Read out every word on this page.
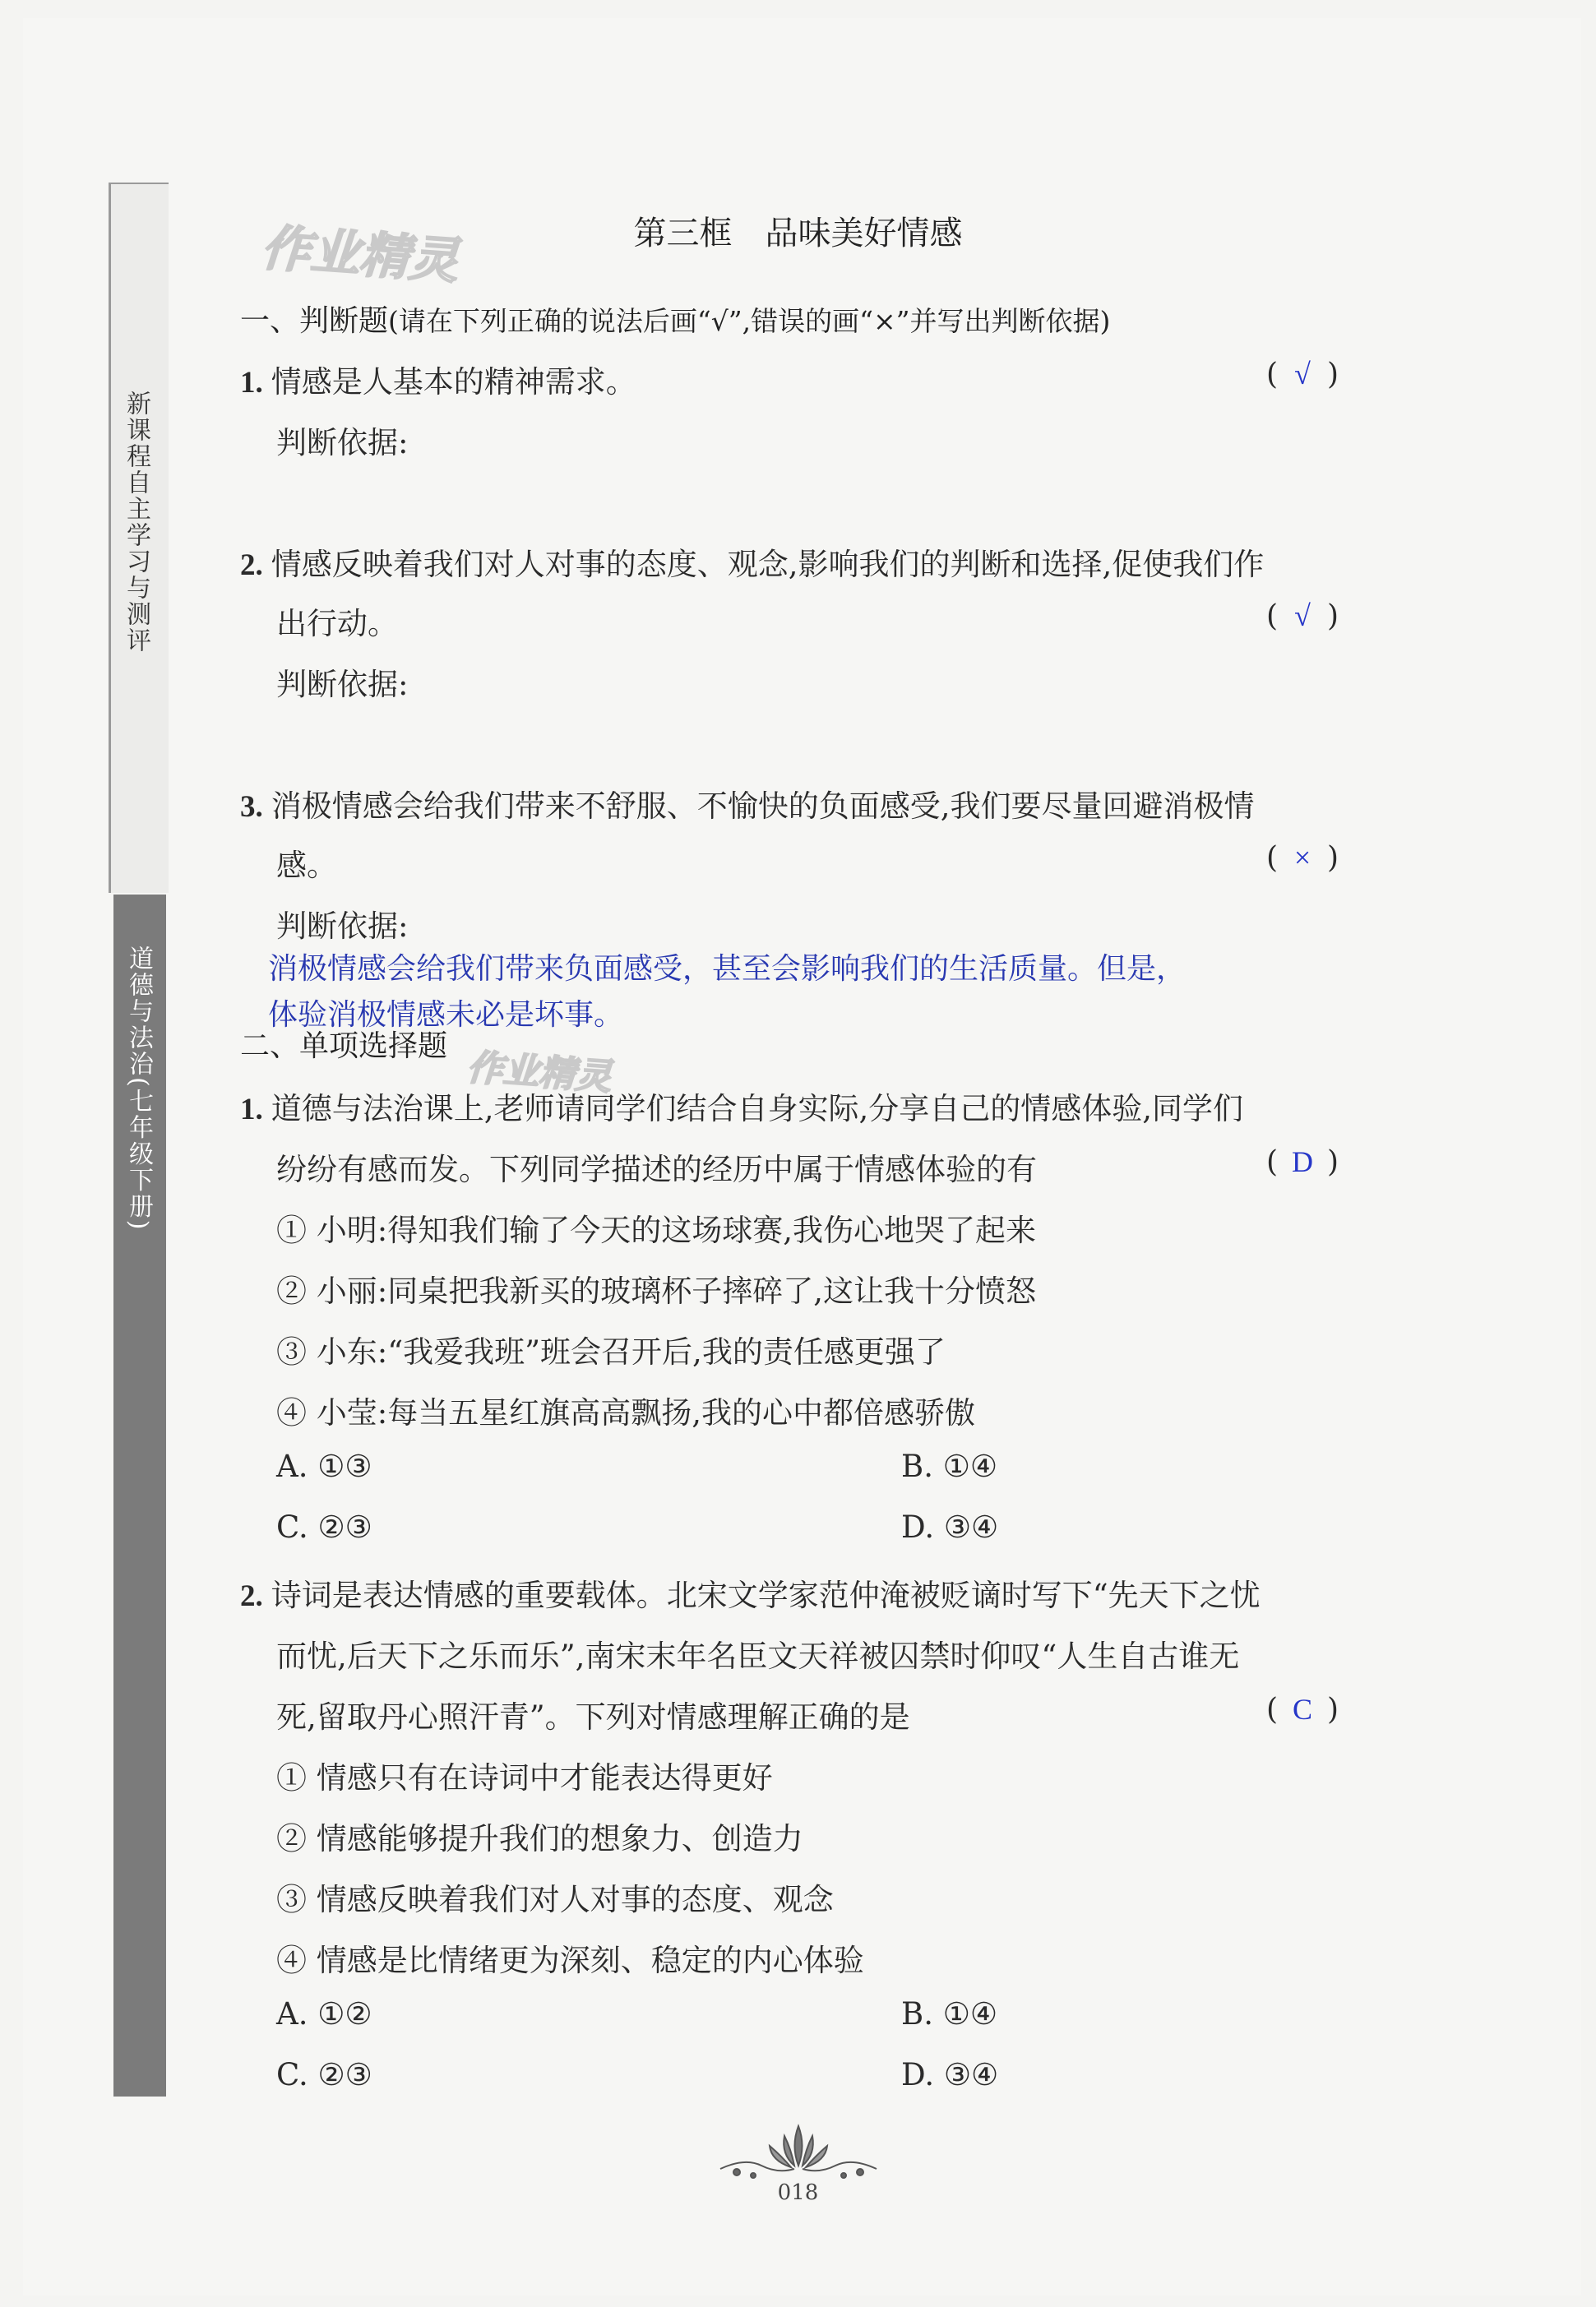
新课程自主学习与测评
道德与法治(七年级下册)
作业精灵
作业精灵
第三框　品味美好情感
一、判断题(请在下列正确的说法后画“√”,错误的画“×”并写出判断依据)
1. 情感是人基本的精神需求。	( √ )
判断依据:
2. 情感反映着我们对人对事的态度、观念,影响我们的判断和选择,促使我们作
出行动。	( √ )
判断依据:
3. 消极情感会给我们带来不舒服、不愉快的负面感受,我们要尽量回避消极情
感。	( × )
判断依据:
消极情感会给我们带来负面感受，甚至会影响我们的生活质量。但是，
体验消极情感未必是坏事。
二、单项选择题
1. 道德与法治课上,老师请同学们结合自身实际,分享自己的情感体验,同学们
纷纷有感而发。下列同学描述的经历中属于情感体验的有	( D )
① 小明:得知我们输了今天的这场球赛,我伤心地哭了起来
② 小丽:同桌把我新买的玻璃杯子摔碎了,这让我十分愤怒
③ 小东:“我爱我班”班会召开后,我的责任感更强了
④ 小莹:每当五星红旗高高飘扬,我的心中都倍感骄傲
A. ①③	B. ①④
C. ②③	D. ③④
2. 诗词是表达情感的重要载体。北宋文学家范仲淹被贬谪时写下“先天下之忧
而忧,后天下之乐而乐”,南宋末年名臣文天祥被囚禁时仰叹“人生自古谁无
死,留取丹心照汗青”。下列对情感理解正确的是	( C )
① 情感只有在诗词中才能表达得更好
② 情感能够提升我们的想象力、创造力
③ 情感反映着我们对人对事的态度、观念
④ 情感是比情绪更为深刻、稳定的内心体验
A. ①②	B. ①④
C. ②③	D. ③④
018
